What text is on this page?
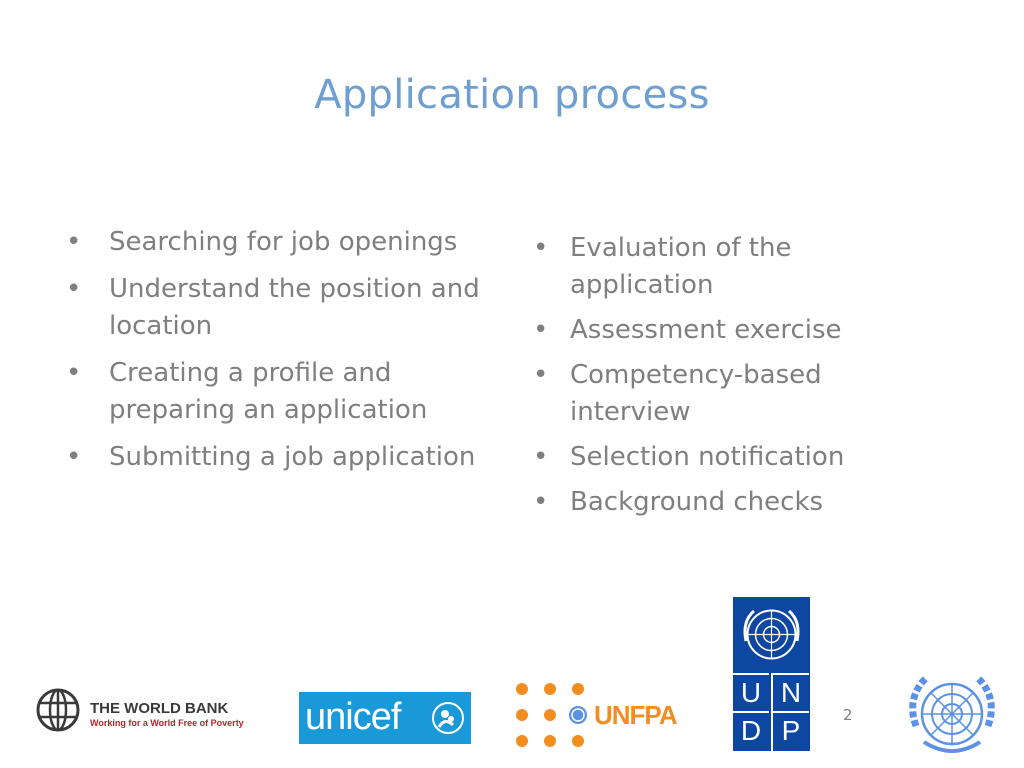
Application process
• Searching for job openings
• Understand the position and location
• Creating a profile and preparing an application
• Submitting a job application
• Evaluation of the application
• Assessment exercise
• Competency-based interview
• Selection notification
• Background checks
THE WORLD BANK
Working for a World Free of Poverty unicef	UNFPA
U N
D P	2
